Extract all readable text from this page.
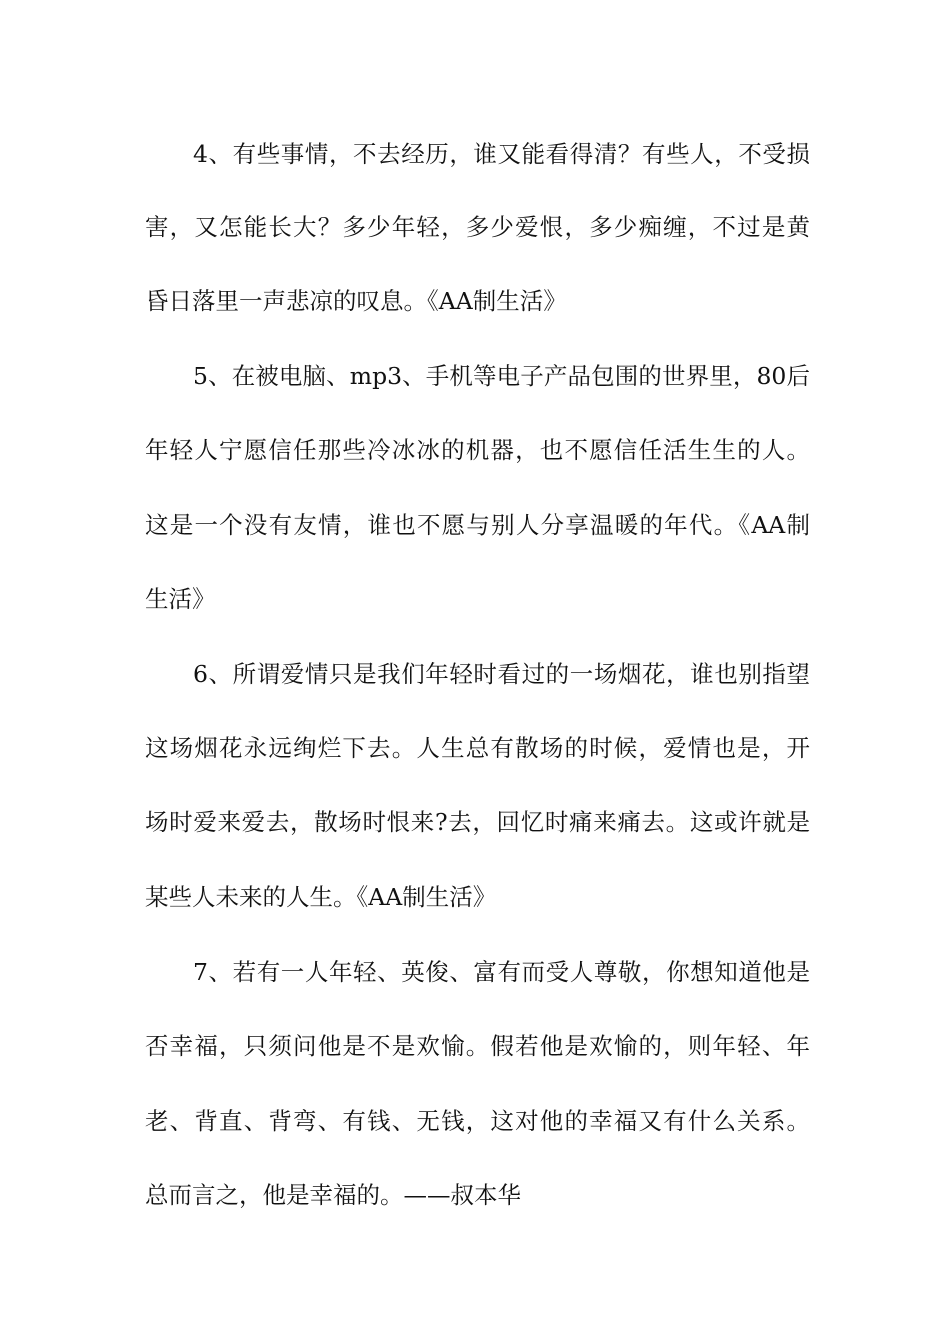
4、有些事情，不去经历，谁又能看得清？有些人，不受损

害，又怎能长大？多少年轻，多少爱恨，多少痴缠，不过是黄

昏日落里一声悲凉的叹息。《AA制生活》

5、在被电脑、mp3、手机等电子产品包围的世界里，80后

年轻人宁愿信任那些冷冰冰的机器，也不愿信任活生生的人。

这是一个没有友情，谁也不愿与别人分享温暖的年代。《AA制

生活》

6、所谓爱情只是我们年轻时看过的一场烟花，谁也别指望

这场烟花永远绚烂下去。人生总有散场的时候，爱情也是，开

场时爱来爱去，散场时恨来?去，回忆时痛来痛去。这或许就是

某些人未来的人生。《AA制生活》

7、若有一人年轻、英俊、富有而受人尊敬，你想知道他是

否幸福，只须问他是不是欢愉。假若他是欢愉的，则年轻、年

老、背直、背弯、有钱、无钱，这对他的幸福又有什么关系。

总而言之，他是幸福的。——叔本华
